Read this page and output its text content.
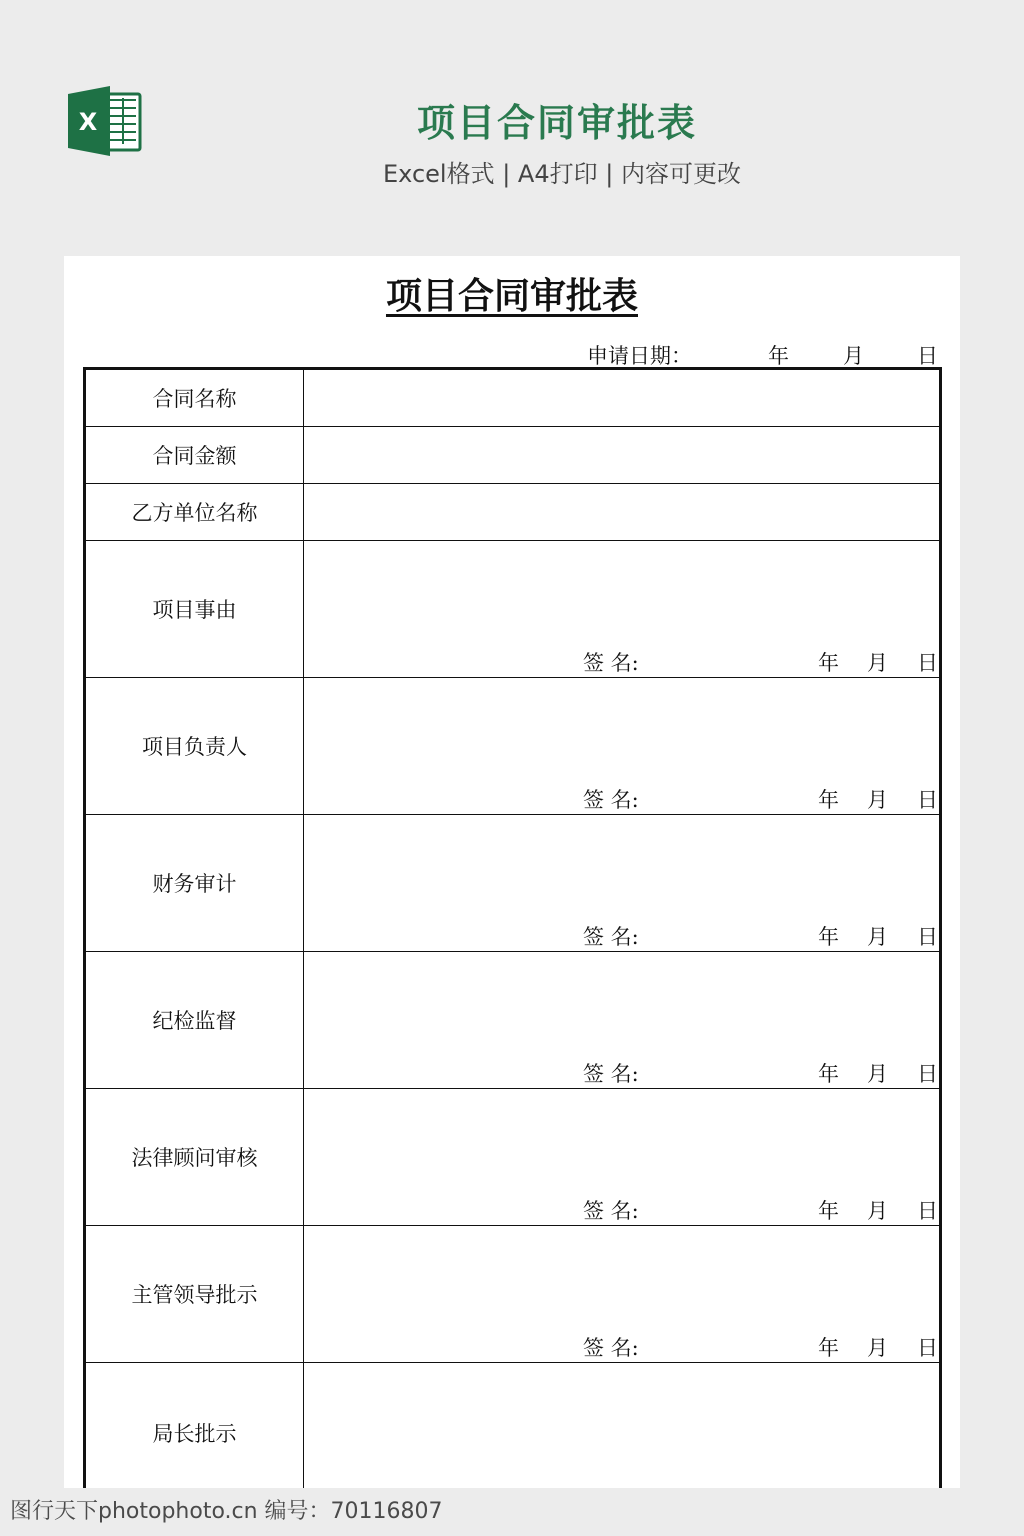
X	项目合同审批表
Excel格式 | A4打印 | 内容可更改
项目合同审批表
申请日期：	年	月	日
合同名称	
合同金额	
乙方单位名称	
项目事由	签 名: 年 月 日

项目负责人	签 名: 年 月 日

财务审计	签 名: 年 月 日

纪检监督	签 名: 年 月 日

法律顾问审核	签 名: 年 月 日

主管领导批示	签 名: 年 月 日

局长批示	
图行天下photophoto.cn 编号：70116807
